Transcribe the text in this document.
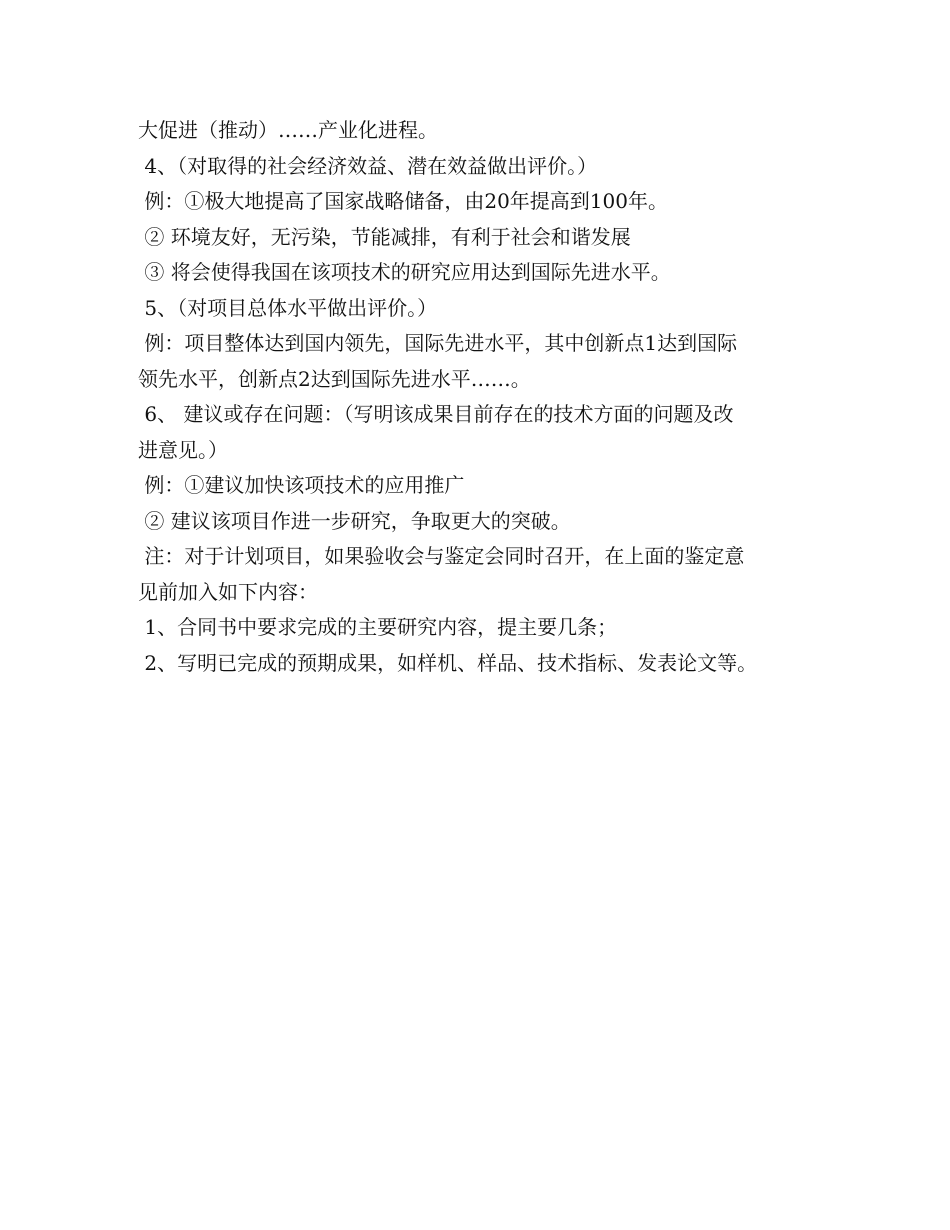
大促进（推动）……产业化进程。
4、（对取得的社会经济效益、潜在效益做出评价。）
例：①极大地提高了国家战略储备，由20年提高到100年。
② 环境友好，无污染，节能减排，有利于社会和谐发展
③ 将会使得我国在该项技术的研究应用达到国际先进水平。
5、（对项目总体水平做出评价。）
例：项目整体达到国内领先，国际先进水平，其中创新点1达到国际
领先水平，创新点2达到国际先进水平……。
6、 建议或存在问题：（写明该成果目前存在的技术方面的问题及改
进意见。）
例：①建议加快该项技术的应用推广
② 建议该项目作进一步研究，争取更大的突破。
注：对于计划项目，如果验收会与鉴定会同时召开，在上面的鉴定意
见前加入如下内容：
1、合同书中要求完成的主要研究内容，提主要几条；
2、写明已完成的预期成果，如样机、样品、技术指标、发表论文等。
